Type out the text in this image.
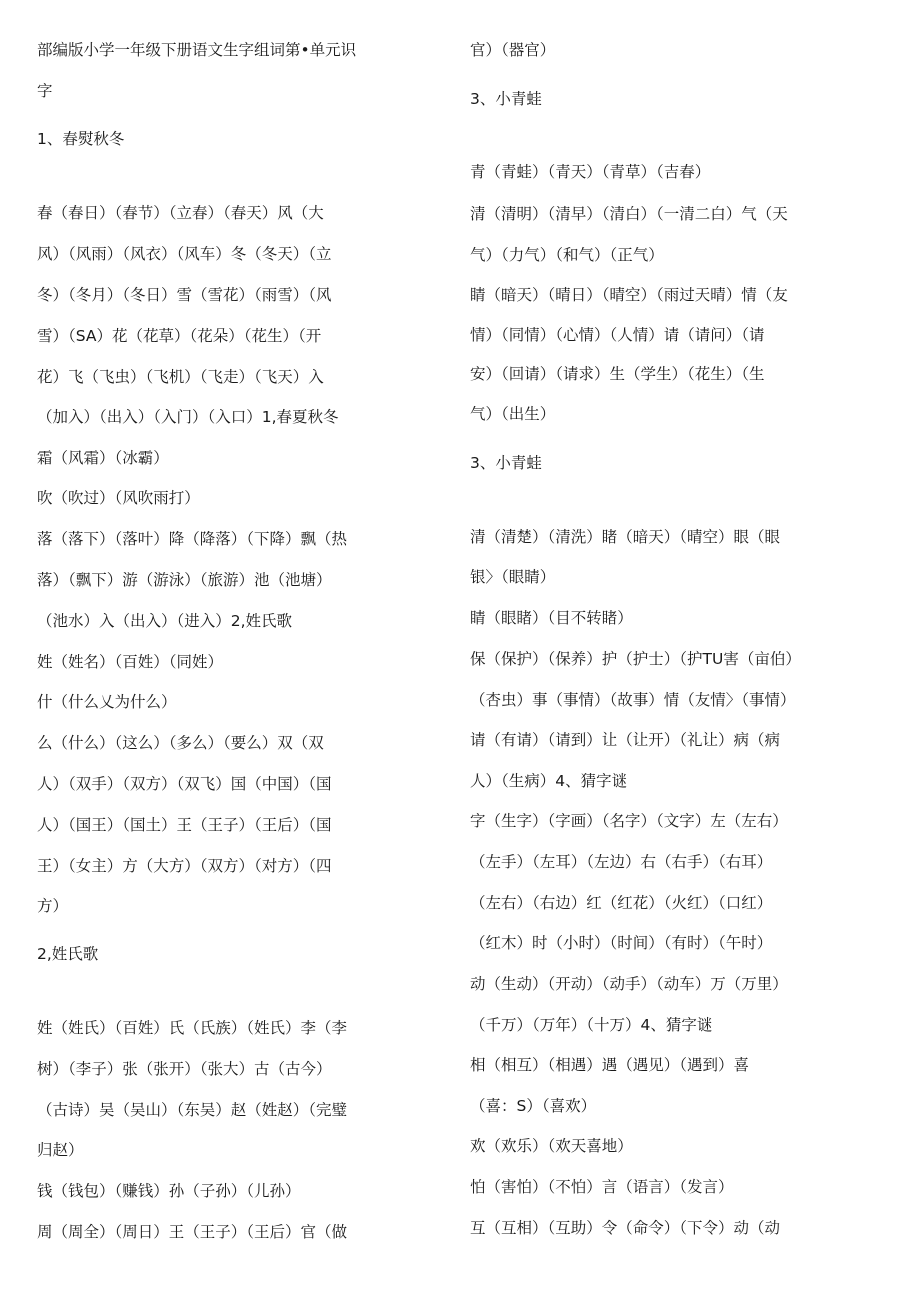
部编版小学一年级下册语文生字组词第•单元识
字
1、春熨秋冬
春（春日）（春节）（立春）（春天）风（大
风）（风雨）（风衣）（风车）冬（冬天）（立
冬）（冬月）（冬日）雪（雪花）（雨雪）（风
雪）（SA）花（花草）（花朵）（花生）（开
花）飞（飞虫）（飞机）（飞走）（飞天）入
（加入）（出入）（入门）（入口）1,春夏秋冬
霜（风霜）（冰霸）
吹（吹过）（风吹雨打）
落（落下）（落叶）降（降落）（下降）飘（热
落）（飘下）游（游泳）（旅游）池（池塘）
（池水）入（出入）（进入）2,姓氏歌
姓（姓名）（百姓）（同姓）
什（什么乂为什么）
么（什么）（这么）（多么）（要么）双（双
人）（双手）（双方）（双飞）国（中国）（国
人）（国王）（国土）王（王子）（王后）（国
王）（女主）方（大方）（双方）（对方）（四
方）
2,姓氏歌
姓（姓氏）（百姓）氏（氏族）（姓氏）李（李
树）（李子）张（张开）（张大）古（古今）
（古诗）吴（吴山）（东吴）赵（姓赵）（完璧
归赵）
钱（钱包）（赚钱）孙（子孙）（儿孙）
周（周全）（周日）王（王子）（王后）官（做
官）（器官）
3、小青蛙
青（青蛙）（青天）（青草）（吉春）
清（清明）（清早）（清白）（一清二白）气（天
气）（力气）（和气）（正气）
睛（暗天）（晴日）（晴空）（雨过天晴）情（友
情）（同情）（心情）（人情）请（请问）（请
安）（回请）（请求）生（学生）（花生）（生
气）（出生）
3、小青蛙
清（清楚）（清洗）睹（暗天）（晴空）眼（眼
银〉（眼睛）
睛（眼睹）（目不转睹）
保（保护）（保养）护（护士）（护TU害（亩伯）
（杏虫）事（事情）（故事）情（友情〉（事情）
请（有请）（请到）让（让开）（礼让）病（病
人）（生病）4、猜字谜
字（生字）（字画）（名字）（文字）左（左右）
（左手）（左耳）（左边）右（右手）（右耳）
（左右）（右边）红（红花）（火红）（口红）
（红木）时（小时）（时间）（有时）（午时）
动（生动）（开动）（动手）（动车）万（万里）
（千万）（万年）（十万）4、猜字谜
相（相互）（相遇）遇（遇见）（遇到）喜
（喜：S）（喜欢）
欢（欢乐）（欢天喜地）
怕（害怕）（不怕）言（语言）（发言）
互（互相）（互助）令（命令）（下令）动（动
